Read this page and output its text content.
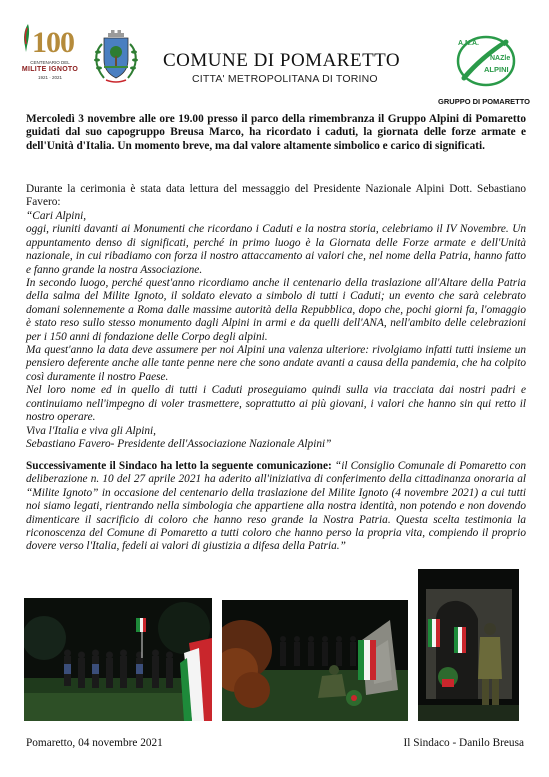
100
CENTENARIO DEL
MILITE IGNOTO
1921 · 2021
COMUNE DI POMARETTO
CITTA' METROPOLITANA DI TORINO
A.N.A.
NAZle
ALPINI
GRUPPO DI POMARETTO
Mercoledì 3 novembre alle ore 19.00 presso il parco della rimembranza il Gruppo Alpini di Pomaretto guidati dal suo capogruppo Breusa Marco, ha ricordato i caduti, la giornata delle forze armate e dell'Unità d'Italia. Un momento breve, ma dal valore altamente simbolico e carico di significati.
Durante la cerimonia è stata data lettura del messaggio del Presidente Nazionale Alpini Dott. Sebastiano Favero:

“Cari Alpini,

oggi, riuniti davanti ai Monumenti che ricordano i Caduti e la nostra storia, celebriamo il IV Novembre. Un appuntamento denso di significati, perché in primo luogo è la Giornata delle Forze armate e dell'Unità nazionale, in cui ribadiamo con forza il nostro attaccamento ai valori che, nel nome della Patria, hanno fatto e fanno grande la nostra Associazione.

In secondo luogo, perché quest'anno ricordiamo anche il centenario della traslazione all'Altare della Patria della salma del Milite Ignoto, il soldato elevato a simbolo di tutti i Caduti; un evento che sarà celebrato domani solennemente a Roma dalle massime autorità della Repubblica, dopo che, pochi giorni fa, l'omaggio è stato reso sullo stesso monumento dagli Alpini in armi e da quelli dell'ANA, nell'ambito delle celebrazioni per i 150 anni di fondazione delle Corpo degli alpini.

Ma quest'anno la data deve assumere per noi Alpini una valenza ulteriore: rivolgiamo infatti tutti insieme un pensiero deferente anche alle tante penne nere che sono andate avanti a causa della pandemia, che ha colpito così duramente il nostro Paese.

Nel loro nome ed in quello di tutti i Caduti proseguiamo quindi sulla via tracciata dai nostri padri e continuiamo nell'impegno di voler trasmettere, soprattutto ai più giovani, i valori che hanno sin qui retto il nostro operare.

Viva l'Italia e viva gli Alpini,

Sebastiano Favero- Presidente dell'Associazione Nazionale Alpini”

Successivamente il Sindaco ha letto la seguente comunicazione: “il Consiglio Comunale di Pomaretto con deliberazione n. 10 del 27 aprile 2021 ha aderito all'iniziativa di conferimento della cittadinanza onoraria al “Milite Ignoto” in occasione del centenario della traslazione del Milite Ignoto (4 novembre 2021) a cui tutti noi siamo legati, rientrando nella simbologia che appartiene alla nostra identità, non potendo e non dovendo dimenticare il sacrificio di coloro che hanno reso grande la Nostra Patria. Questa scelta testimonia la riconoscenza del Comune di Pomaretto a tutti coloro che hanno perso la propria vita, compiendo il proprio dovere verso l'Italia, fedeli ai valori di giustizia a difesa della Patria.”
Pomaretto, 04 novembre 2021	Il Sindaco - Danilo Breusa
